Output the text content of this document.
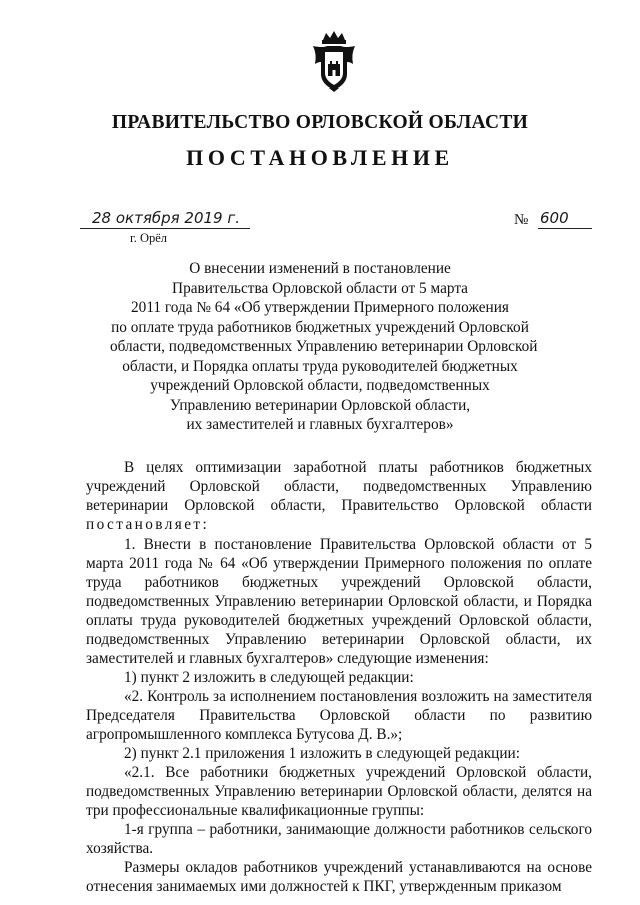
ПРАВИТЕЛЬСТВО ОРЛОВСКОЙ ОБЛАСТИ
ПОСТАНОВЛЕНИЕ
28 октября 2019 г.
г. Орёл
№ 600
О внесении изменений в постановление
Правительства Орловской области от 5 марта
2011 года № 64 «Об утверждении Примерного положения
по оплате труда работников бюджетных учреждений Орловской
области, подведомственных Управлению ветеринарии Орловской
области, и Порядка оплаты труда руководителей бюджетных
учреждений Орловской области, подведомственных
Управлению ветеринарии Орловской области,
их заместителей и главных бухгалтеров»

В целях оптимизации заработной платы работников бюджетных учреждений Орловской области, подведомственных Управлению ветеринарии Орловской области, Правительство Орловской области постановляет:

1. Внести в постановление Правительства Орловской области от 5 марта 2011 года № 64 «Об утверждении Примерного положения по оплате труда работников бюджетных учреждений Орловской области, подведомственных Управлению ветеринарии Орловской области, и Порядка оплаты труда руководителей бюджетных учреждений Орловской области, подведомственных Управлению ветеринарии Орловской области, их заместителей и главных бухгалтеров» следующие изменения:

1) пункт 2 изложить в следующей редакции:

«2. Контроль за исполнением постановления возложить на заместителя Председателя Правительства Орловской области по развитию агропромышленного комплекса Бутусова Д. В.»;

2) пункт 2.1 приложения 1 изложить в следующей редакции:

«2.1. Все работники бюджетных учреждений Орловской области, подведомственных Управлению ветеринарии Орловской области, делятся на три профессиональные квалификационные группы:

1-я группа – работники, занимающие должности работников сельского хозяйства.

Размеры окладов работников учреждений устанавливаются на основе отнесения занимаемых ими должностей к ПКГ, утвержденным приказом
